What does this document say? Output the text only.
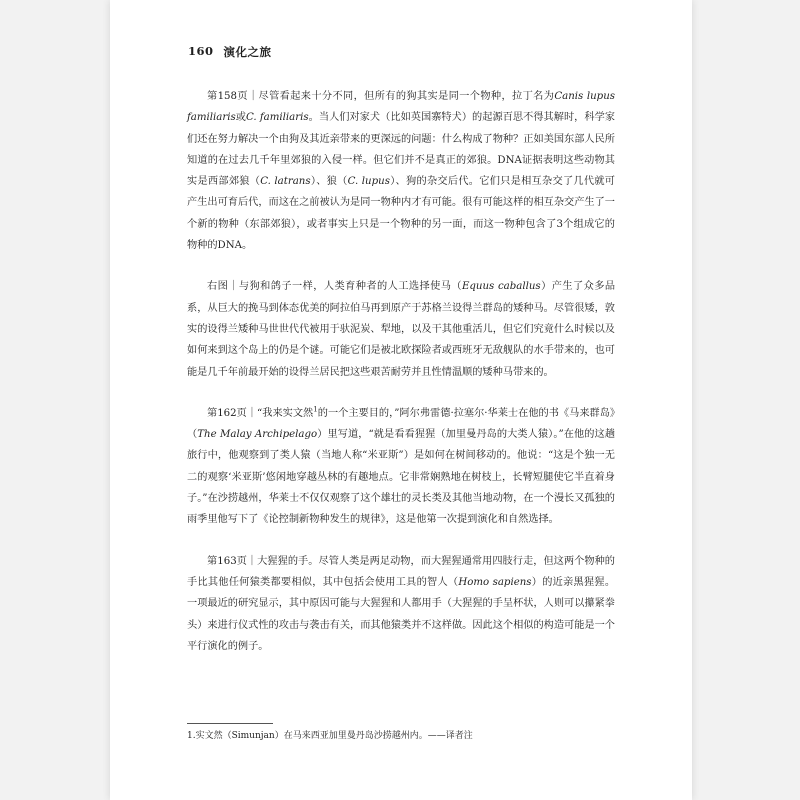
160 演化之旅

第158页｜尽管看起来十分不同，但所有的狗其实是同一个物种，拉丁名为Canis lupus familiaris或C. familiaris。当人们对家犬（比如英国寨特犬）的起源百思不得其解时，科学家们还在努力解决一个由狗及其近亲带来的更深远的问题：什么构成了物种？正如美国东部人民所知道的在过去几千年里郊狼的入侵一样。但它们并不是真正的郊狼。DNA证据表明这些动物其实是西部郊狼（C. latrans）、狼（C. lupus）、狗的杂交后代。它们只是相互杂交了几代就可产生出可育后代，而这在之前被认为是同一物种内才有可能。很有可能这样的相互杂交产生了一个新的物种（东部郊狼），或者事实上只是一个物种的另一面，而这一物种包含了3个组成它的物种的DNA。

右图｜与狗和鸽子一样，人类育种者的人工选择使马（Equus caballus）产生了众多品系，从巨大的挽马到体态优美的阿拉伯马再到原产于苏格兰设得兰群岛的矮种马。尽管很矮，敦实的设得兰矮种马世世代代被用于驮泥炭、犁地，以及干其他重活儿，但它们究竟什么时候以及如何来到这个岛上的仍是个谜。可能它们是被北欧探险者或西班牙无敌舰队的水手带来的，也可能是几千年前最开始的设得兰居民把这些艰苦耐劳并且性情温顺的矮种马带来的。

第162页｜“我来实文然$^1$的一个主要目的，”阿尔弗雷德·拉塞尔·华莱士在他的书《马来群岛》（The Malay Archipelago）里写道，“就是看看猩猩（加里曼丹岛的大类人猿）。”在他的这趟旅行中，他观察到了类人猿（当地人称“米亚斯”）是如何在树间移动的。他说：“这是个独一无二的观察‘米亚斯’悠闲地穿越丛林的有趣地点。它非常娴熟地在树枝上，长臂短腿使它半直着身子。”在沙捞越州，华莱士不仅仅观察了这个雄壮的灵长类及其他当地动物，在一个漫长又孤独的雨季里他写下了《论控制新物种发生的规律》，这是他第一次提到演化和自然选择。

第163页｜大猩猩的手。尽管人类是两足动物，而大猩猩通常用四肢行走，但这两个物种的手比其他任何猿类都要相似，其中包括会使用工具的智人（Homo sapiens）的近亲黑猩猩。一项最近的研究显示，其中原因可能与大猩猩和人都用手（大猩猩的手呈杯状，人则可以攥紧拳头）来进行仪式性的攻击与袭击有关，而其他猿类并不这样做。因此这个相似的构造可能是一个平行演化的例子。

1.实文然（Simunjan）在马来西亚加里曼丹岛沙捞越州内。——译者注
